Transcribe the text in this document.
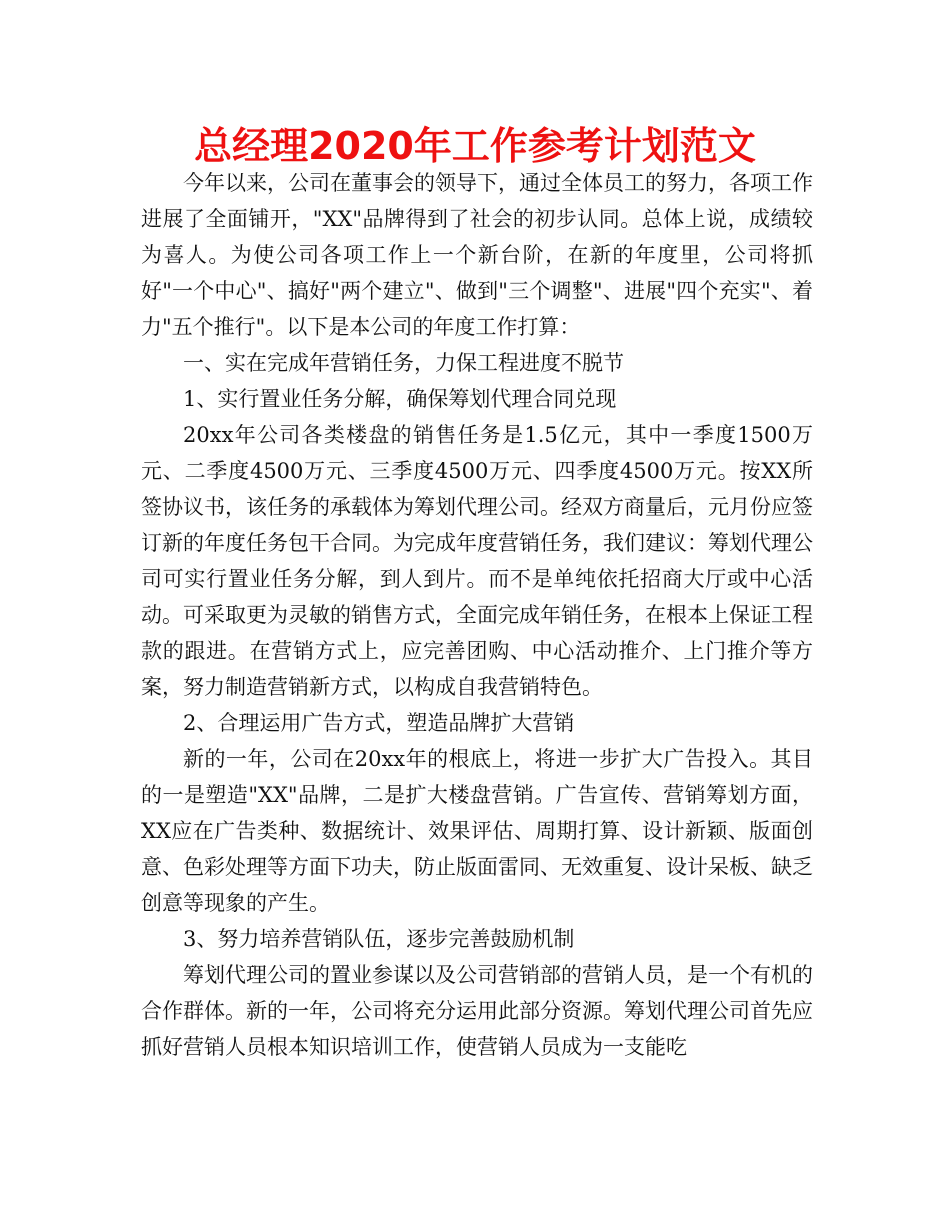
总经理2020年工作参考计划范文

今年以来，公司在董事会的领导下，通过全体员工的努力，各项工作进展了全面铺开，"XX"品牌得到了社会的初步认同。总体上说，成绩较为喜人。为使公司各项工作上一个新台阶，在新的年度里，公司将抓好"一个中心"、搞好"两个建立"、做到"三个调整"、进展"四个充实"、着力"五个推行"。以下是本公司的年度工作打算：

一、实在完成年营销任务，力保工程进度不脱节

1、实行置业任务分解，确保筹划代理合同兑现

20xx年公司各类楼盘的销售任务是1.5亿元，其中一季度1500万元、二季度4500万元、三季度4500万元、四季度4500万元。按XX所签协议书，该任务的承载体为筹划代理公司。经双方商量后，元月份应签订新的年度任务包干合同。为完成年度营销任务，我们建议：筹划代理公司可实行置业任务分解，到人到片。而不是单纯依托招商大厅或中心活动。可采取更为灵敏的销售方式，全面完成年销任务，在根本上保证工程款的跟进。在营销方式上，应完善团购、中心活动推介、上门推介等方案，努力制造营销新方式，以构成自我营销特色。

2、合理运用广告方式，塑造品牌扩大营销

新的一年，公司在20xx年的根底上，将进一步扩大广告投入。其目的一是塑造"XX"品牌，二是扩大楼盘营销。广告宣传、营销筹划方面，XX应在广告类种、数据统计、效果评估、周期打算、设计新颖、版面创意、色彩处理等方面下功夫，防止版面雷同、无效重复、设计呆板、缺乏创意等现象的产生。

3、努力培养营销队伍，逐步完善鼓励机制

筹划代理公司的置业参谋以及公司营销部的营销人员，是一个有机的合作群体。新的一年，公司将充分运用此部分资源。筹划代理公司首先应抓好营销人员根本知识培训工作，使营销人员成为一支能吃
